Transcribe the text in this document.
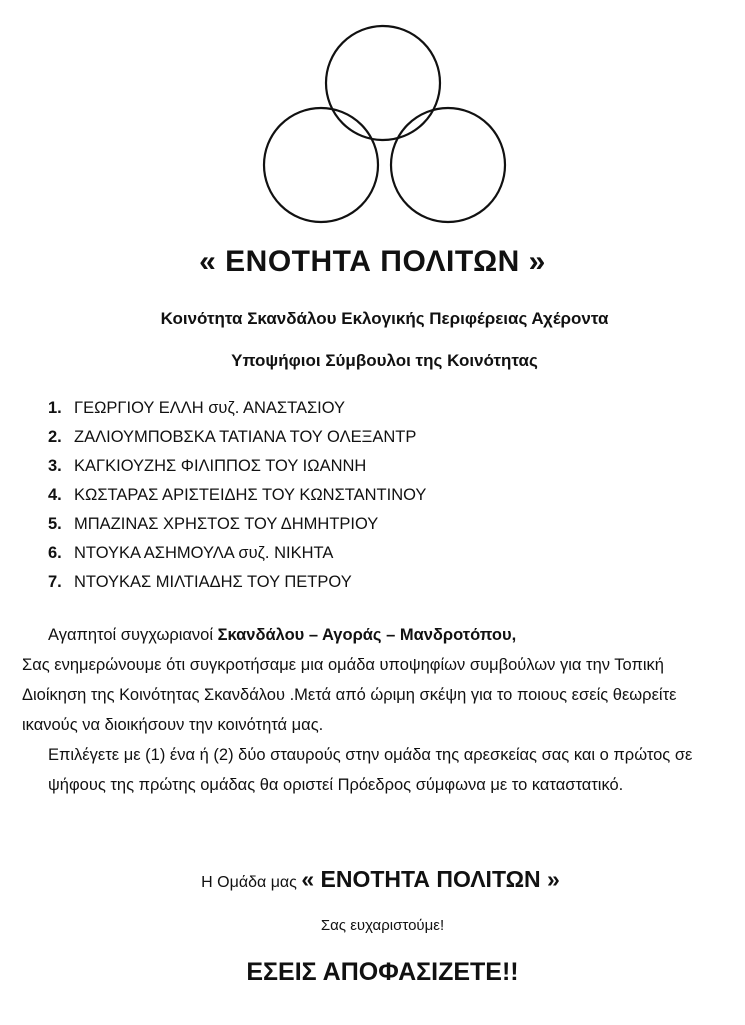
« ΕΝΟΤΗΤΑ ΠΟΛΙΤΩΝ »
Κοινότητα Σκανδάλου Εκλογικής Περιφέρειας Αχέροντα
Υποψήφιοι Σύμβουλοι της Κοινότητας
1. ΓΕΩΡΓΙΟΥ ΕΛΛΗ συζ. ΑΝΑΣΤΑΣΙΟΥ
2. ΖΑΛΙΟΥΜΠΟΒΣΚΑ ΤΑΤΙΑΝΑ ΤΟΥ ΟΛΕΞΑΝΤΡ
3. ΚΑΓΚΙΟΥΖΗΣ ΦΙΛΙΠΠΟΣ ΤΟΥ ΙΩΑΝΝΗ
4. ΚΩΣΤΑΡΑΣ ΑΡΙΣΤΕΙΔΗΣ ΤΟΥ ΚΩΝΣΤΑΝΤΙΝΟΥ
5. ΜΠΑΖΙΝΑΣ ΧΡΗΣΤΟΣ ΤΟΥ ΔΗΜΗΤΡΙΟΥ
6. ΝΤΟΥΚΑ ΑΣΗΜΟΥΛΑ συζ. ΝΙΚΗΤΑ
7. ΝΤΟΥΚΑΣ ΜΙΛΤΙΑΔΗΣ ΤΟΥ ΠΕΤΡΟΥ

Αγαπητοί συγχωριανοί Σκανδάλου – Αγοράς – Μανδροτόπου,

Σας ενημερώνουμε ότι συγκροτήσαμε μια ομάδα υποψηφίων συμβούλων για την Τοπική Διοίκηση της Κοινότητας Σκανδάλου .Μετά από ώριμη σκέψη για το ποιους εσείς θεωρείτε ικανούς να διοικήσουν την κοινότητά μας.

Επιλέγετε με (1) ένα ή (2) δύο σταυρούς στην ομάδα της αρεσκείας σας και ο πρώτος σε ψήφους της πρώτης ομάδας θα οριστεί Πρόεδρος σύμφωνα με το καταστατικό.

Η Ομάδα μας « ΕΝΟΤΗΤΑ ΠΟΛΙΤΩΝ »
Σας ευχαριστούμε!
ΕΣΕΙΣ ΑΠΟΦΑΣΙΖΕΤΕ!!
